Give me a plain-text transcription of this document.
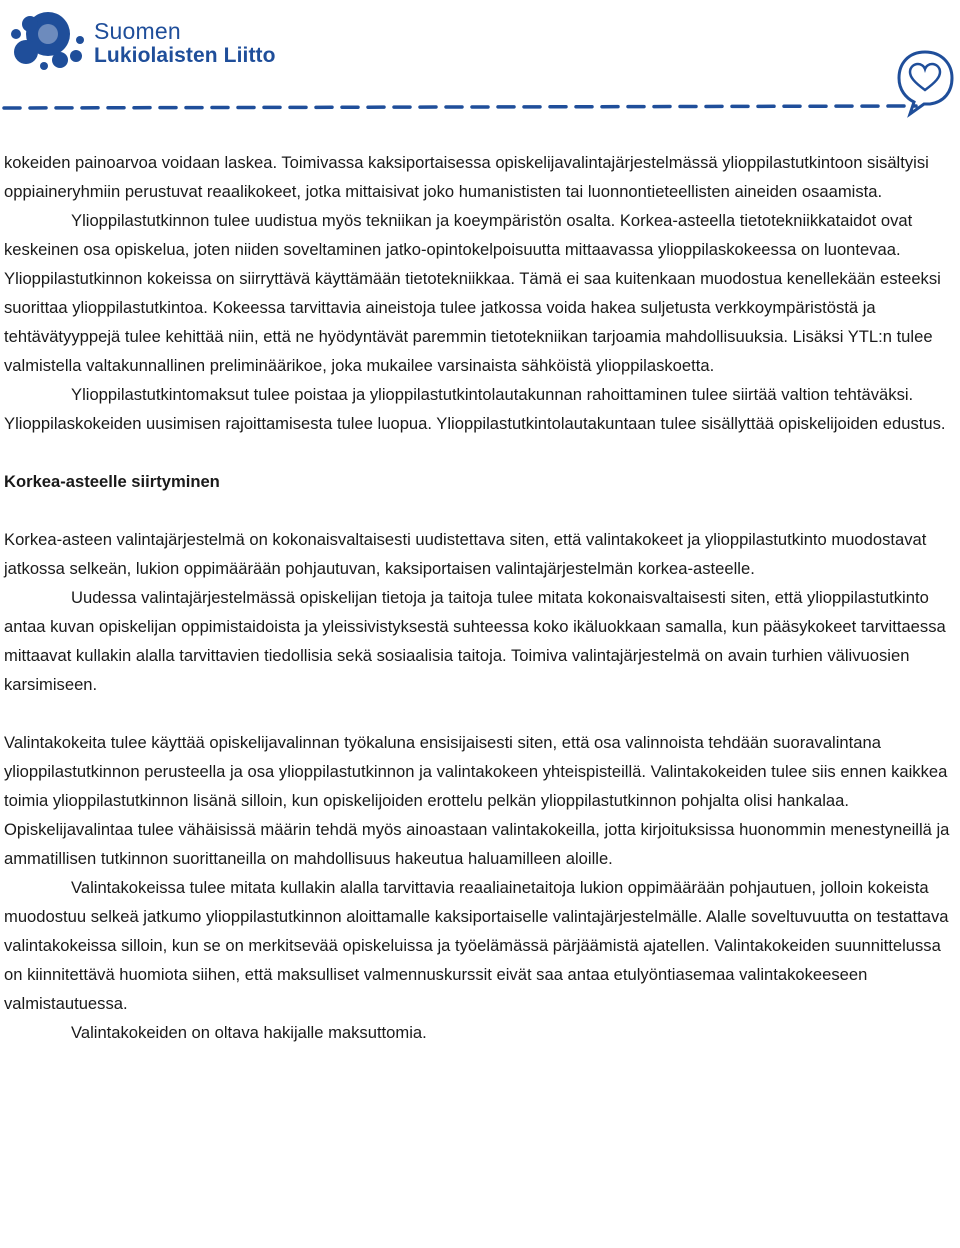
Suomen
Lukiolaisten Liitto

kokeiden painoarvoa voidaan laskea. Toimivassa kaksiportaisessa opiskelijavalintajärjestelmässä ylioppilastutkintoon sisältyisi oppiaineryhmiin perustuvat reaalikokeet, jotka mittaisivat joko humanististen tai luonnontieteellisten aineiden osaamista.

Ylioppilastutkinnon tulee uudistua myös tekniikan ja koeympäristön osalta. Korkea-asteella tietotekniikkataidot ovat keskeinen osa opiskelua, joten niiden soveltaminen jatko-opintokelpoisuutta mittaavassa ylioppilaskokeessa on luontevaa. Ylioppilastutkinnon kokeissa on siirryttävä käyttämään tietotekniikkaa. Tämä ei saa kuitenkaan muodostua kenellekään esteeksi suorittaa ylioppilastutkintoa. Kokeessa tarvittavia aineistoja tulee jatkossa voida hakea suljetusta verkkoympäristöstä ja tehtävätyyppejä tulee kehittää niin, että ne hyödyntävät paremmin tietotekniikan tarjoamia mahdollisuuksia. Lisäksi YTL:n tulee valmistella valtakunnallinen preliminäärikoe, joka mukailee varsinaista sähköistä ylioppilaskoetta.

Ylioppilastutkintomaksut tulee poistaa ja ylioppilastutkintolautakunnan rahoittaminen tulee siirtää valtion tehtäväksi. Ylioppilaskokeiden uusimisen rajoittamisesta tulee luopua. Ylioppilastutkintolautakuntaan tulee sisällyttää opiskelijoiden edustus.

Korkea-asteelle siirtyminen

Korkea-asteen valintajärjestelmä on kokonaisvaltaisesti uudistettava siten, että valintakokeet ja ylioppilastutkinto muodostavat jatkossa selkeän, lukion oppimäärään pohjautuvan, kaksiportaisen valintajärjestelmän korkea-asteelle.

Uudessa valintajärjestelmässä opiskelijan tietoja ja taitoja tulee mitata kokonaisvaltaisesti siten, että ylioppilastutkinto antaa kuvan opiskelijan oppimistaidoista ja yleissivistyksestä suhteessa koko ikäluokkaan samalla, kun pääsykokeet tarvittaessa mittaavat kullakin alalla tarvittavien tiedollisia sekä sosiaalisia taitoja. Toimiva valintajärjestelmä on avain turhien välivuosien karsimiseen.

Valintakokeita tulee käyttää opiskelijavalinnan työkaluna ensisijaisesti siten, että osa valinnoista tehdään suoravalintana ylioppilastutkinnon perusteella ja osa ylioppilastutkinnon ja valintakokeen yhteispisteillä. Valintakokeiden tulee siis ennen kaikkea toimia ylioppilastutkinnon lisänä silloin, kun opiskelijoiden erottelu pelkän ylioppilastutkinnon pohjalta olisi hankalaa. Opiskelijavalintaa tulee vähäisissä määrin tehdä myös ainoastaan valintakokeilla, jotta kirjoituksissa huonommin menestyneillä ja ammatillisen tutkinnon suorittaneilla on mahdollisuus hakeutua haluamilleen aloille.

Valintakokeissa tulee mitata kullakin alalla tarvittavia reaaliainetaitoja lukion oppimäärään pohjautuen, jolloin kokeista muodostuu selkeä jatkumo ylioppilastutkinnon aloittamalle kaksiportaiselle valintajärjestelmälle. Alalle soveltuvuutta on testattava valintakokeissa silloin, kun se on merkitsevää opiskeluissa ja työelämässä pärjäämistä ajatellen. Valintakokeiden suunnittelussa on kiinnitettävä huomiota siihen, että maksulliset valmennuskurssit eivät saa antaa etulyöntiasemaa valintakokeeseen valmistautuessa.

Valintakokeiden on oltava hakijalle maksuttomia.
